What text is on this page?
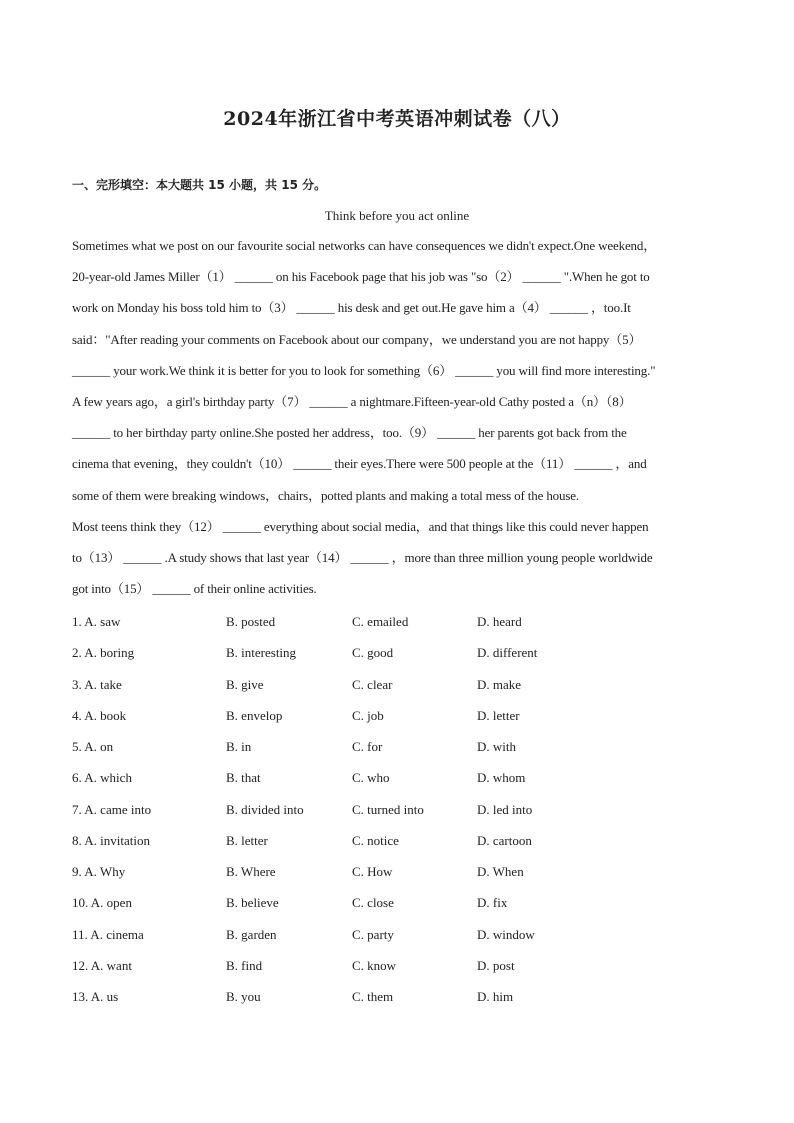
2024年浙江省中考英语冲刺试卷（八）
一、完形填空：本大题共 15 小题，共 15 分。
Think before you act online
Sometimes what we post on our favourite social networks can have consequences we didn't expect.One weekend，
20-year-old James Miller（1） ______ on his Facebook page that his job was "so（2） ______ ".When he got to
work on Monday his boss told him to（3） ______ his desk and get out.He gave him a（4） ______ ，too.It
said："After reading your comments on Facebook about our company，we understand you are not happy（5）
______ your work.We think it is better for you to look for something（6） ______ you will find more interesting."
A few years ago，a girl's birthday party（7） ______ a nightmare.Fifteen-year-old Cathy posted a（n）（8）
______ to her birthday party online.She posted her address，too.（9） ______ her parents got back from the
cinema that evening，they couldn't（10） ______ their eyes.There were 500 people at the（11） ______ ，and
some of them were breaking windows，chairs，potted plants and making a total mess of the house.
Most teens think they（12） ______ everything about social media，and that things like this could never happen
to（13） ______ .A study shows that last year（14） ______ ，more than three million young people worldwide
got into（15） ______ of their online activities.
1. A. saw	B. posted	C. emailed	D. heard
2. A. boring	B. interesting	C. good	D. different
3. A. take	B. give	C. clear	D. make
4. A. book	B. envelop	C. job	D. letter
5. A. on	B. in	C. for	D. with
6. A. which	B. that	C. who	D. whom
7. A. came into	B. divided into	C. turned into	D. led into
8. A. invitation	B. letter	C. notice	D. cartoon
9. A. Why	B. Where	C. How	D. When
10. A. open	B. believe	C. close	D. fix
11. A. cinema	B. garden	C. party	D. window
12. A. want	B. find	C. know	D. post
13. A. us	B. you	C. them	D. him
